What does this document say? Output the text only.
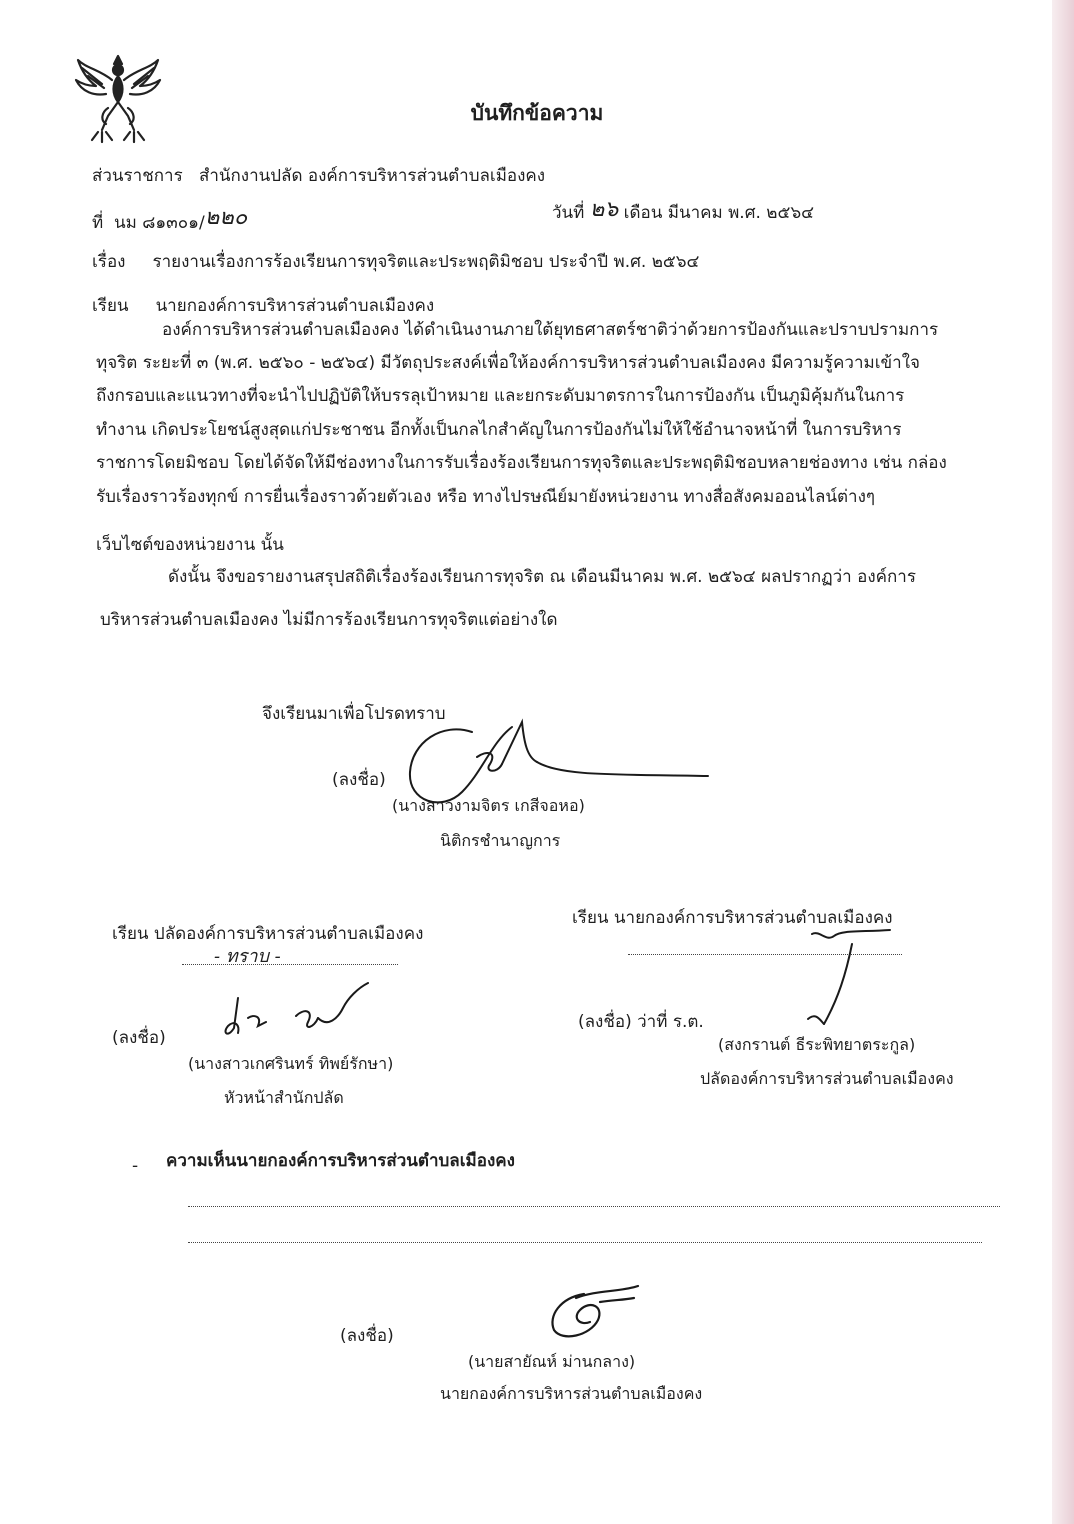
บันทึกข้อความ
ส่วนราชการ สำนักงานปลัด องค์การบริหารส่วนตำบลเมืองคง
ที่ นม ๘๑๓๐๑/๒๒๐	วันที่ ๒๖ เดือน มีนาคม พ.ศ. ๒๕๖๔
เรื่อง รายงานเรื่องการร้องเรียนการทุจริตและประพฤติมิชอบ ประจำปี พ.ศ. ๒๕๖๔
เรียน นายกองค์การบริหารส่วนตำบลเมืองคง
องค์การบริหารส่วนตำบลเมืองคง ได้ดำเนินงานภายใต้ยุทธศาสตร์ชาติว่าด้วยการป้องกันและปราบปรามการ
ทุจริต ระยะที่ ๓ (พ.ศ. ๒๕๖๐ - ๒๕๖๔) มีวัตถุประสงค์เพื่อให้องค์การบริหารส่วนตำบลเมืองคง มีความรู้ความเข้าใจ
ถึงกรอบและแนวทางที่จะนำไปปฏิบัติให้บรรลุเป้าหมาย และยกระดับมาตรการในการป้องกัน เป็นภูมิคุ้มกันในการ
ทำงาน เกิดประโยชน์สูงสุดแก่ประชาชน อีกทั้งเป็นกลไกสำคัญในการป้องกันไม่ให้ใช้อำนาจหน้าที่ ในการบริหาร
ราชการโดยมิชอบ โดยได้จัดให้มีช่องทางในการรับเรื่องร้องเรียนการทุจริตและประพฤติมิชอบหลายช่องทาง เช่น กล่อง
รับเรื่องราวร้องทุกข์ การยื่นเรื่องราวด้วยตัวเอง หรือ ทางไปรษณีย์มายังหน่วยงาน ทางสื่อสังคมออนไลน์ต่างๆ
เว็บไซต์ของหน่วยงาน นั้น
ดังนั้น จึงขอรายงานสรุปสถิติเรื่องร้องเรียนการทุจริต ณ เดือนมีนาคม พ.ศ. ๒๕๖๔ ผลปรากฏว่า องค์การ
บริหารส่วนตำบลเมืองคง ไม่มีการร้องเรียนการทุจริตแต่อย่างใด
จึงเรียนมาเพื่อโปรดทราบ
(ลงชื่อ)
(นางสาวงามจิตร เกสีจอหอ)
นิติกรชำนาญการ
เรียน ปลัดองค์การบริหารส่วนตำบลเมืองคง
- ทราบ -
(ลงชื่อ)
(นางสาวเกศรินทร์ ทิพย์รักษา)
หัวหน้าสำนักปลัด
เรียน นายกองค์การบริหารส่วนตำบลเมืองคง
(ลงชื่อ) ว่าที่ ร.ต.
(สงกรานต์ ธีระพิทยาตระกูล)
ปลัดองค์การบริหารส่วนตำบลเมืองคง
- ความเห็นนายกองค์การบริหารส่วนตำบลเมืองคง
(ลงชื่อ)
(นายสายัณห์ ม่านกลาง)
นายกองค์การบริหารส่วนตำบลเมืองคง
